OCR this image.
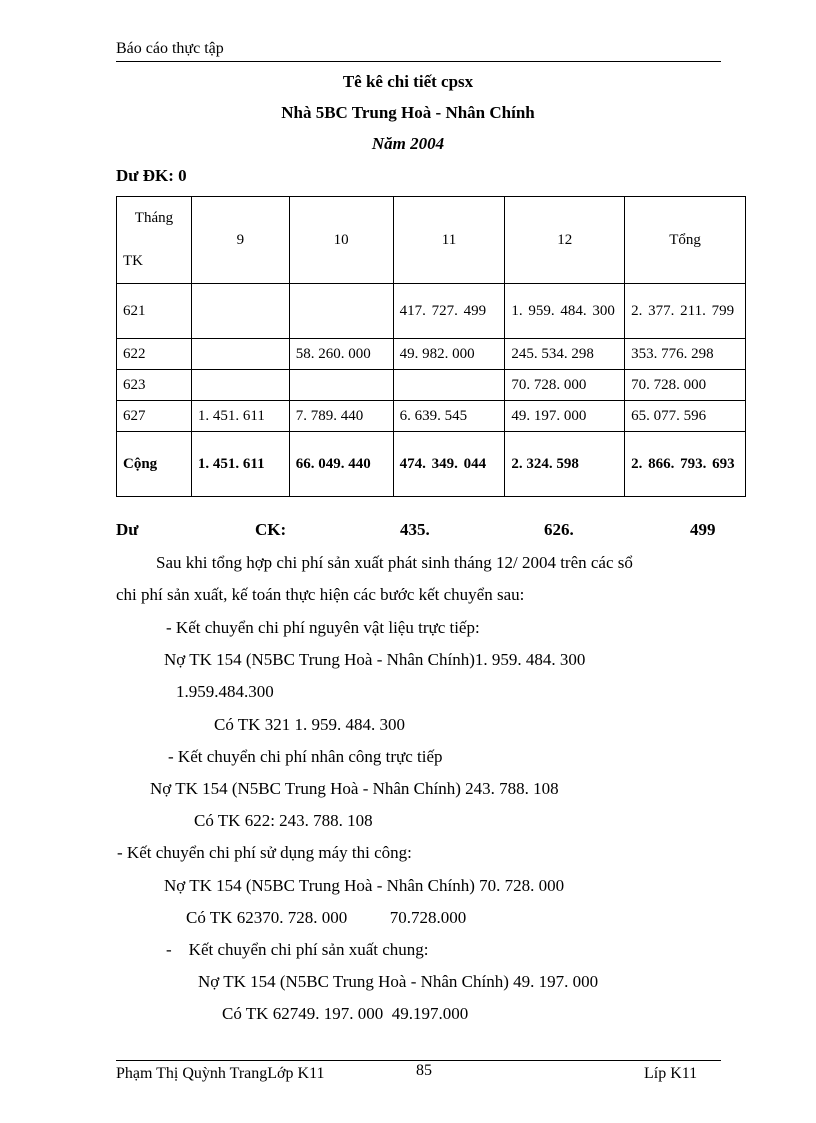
Báo cáo thực tập
Tê kê chi tiết cpsx
Nhà 5BC Trung Hoà - Nhân Chính
Năm 2004
Dư ĐK: 0
Tháng
TK	9	10	11	12	Tổng
621			417. 727. 499	1. 959. 484. 300	2. 377. 211. 799
622		58. 260. 000	49. 982. 000	245. 534. 298	353. 776. 298
623				70. 728. 000	70. 728. 000
627	1. 451. 611	7. 789. 440	6. 639. 545	49. 197. 000	65. 077. 596
Cộng	1. 451. 611	66. 049. 440	474. 349. 044	2. 324. 598	2. 866. 793. 693
Dư	CK:	435.	626.	499
Sau khi tổng hợp chi phí sản xuất phát sinh tháng 12/ 2004 trên các sổ
chi phí sản xuất, kế toán thực hiện các bước kết chuyển sau:
- Kết chuyển chi phí nguyên vật liệu trực tiếp:
Nợ TK 154 (N5BC Trung Hoà - Nhân Chính)1. 959. 484. 300
1.959.484.300
Có TK 321 1. 959. 484. 300
- Kết chuyển chi phí nhân công trực tiếp
Nợ TK 154 (N5BC Trung Hoà - Nhân Chính) 243. 788. 108
Có TK 622: 243. 788. 108
- Kết chuyển chi phí sử dụng máy thi công:
Nợ TK 154 (N5BC Trung Hoà - Nhân Chính) 70. 728. 000
Có TK 62370. 728. 000          70.728.000
-    Kết chuyển chi phí sản xuất chung:
Nợ TK 154 (N5BC Trung Hoà - Nhân Chính) 49. 197. 000
Có TK 62749. 197. 000  49.197.000
Phạm Thị Quỳnh TrangLớp K11	85	Líp K11
